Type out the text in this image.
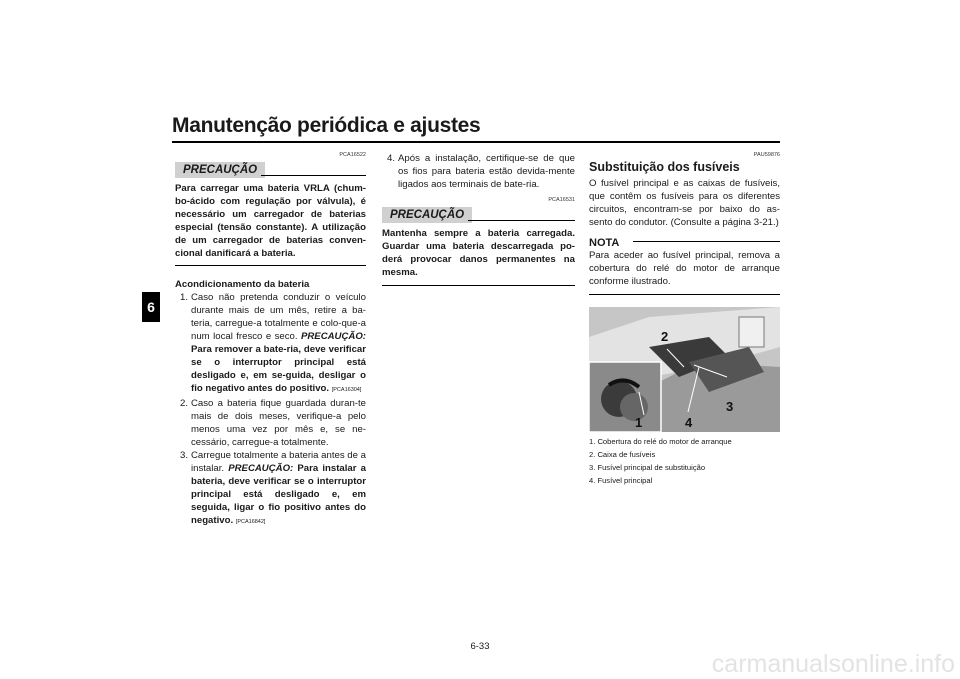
Manutenção periódica e ajustes
6
PCA16522
PRECAUÇÃO
Para carregar uma bateria VRLA (chum-bo-ácido com regulação por válvula), é necessário um carregador de baterias especial (tensão constante). A utilização de um carregador de baterias conven-cional danificará a bateria.
Acondicionamento da bateria
1. Caso não pretenda conduzir o veículo durante mais de um mês, retire a ba-teria, carregue-a totalmente e colo-que-a num local fresco e seco. PRECAUÇÃO: Para remover a bate-ria, deve verificar se o interruptor principal está desligado e, em se-guida, desligar o fio negativo antes do positivo. [PCA16304]
2. Caso a bateria fique guardada duran-te mais de dois meses, verifique-a pelo menos uma vez por mês e, se ne-cessário, carregue-a totalmente.
3. Carregue totalmente a bateria antes de a instalar. PRECAUÇÃO: Para instalar a bateria, deve verificar se o interruptor principal está desligado e, em seguida, ligar o fio positivo antes do negativo. [PCA16842]
4. Após a instalação, certifique-se de que os fios para bateria estão devida-mente ligados aos terminais de bate-ria.
PCA16531
PRECAUÇÃO
Mantenha sempre a bateria carregada. Guardar uma bateria descarregada po-derá provocar danos permanentes na mesma.
PAU59876
Substituição dos fusíveis
O fusível principal e as caixas de fusíveis, que contêm os fusíveis para os diferentes circuitos, encontram-se por baixo do as-sento do condutor. (Consulte a página 3-21.)
NOTA
Para aceder ao fusível principal, remova a cobertura do relé do motor de arranque conforme ilustrado.
2
3
1	4
1. Cobertura do relé do motor de arranque
2. Caixa de fusíveis
3. Fusível principal de substituição
4. Fusível principal
6-33
carmanualsonline.info
